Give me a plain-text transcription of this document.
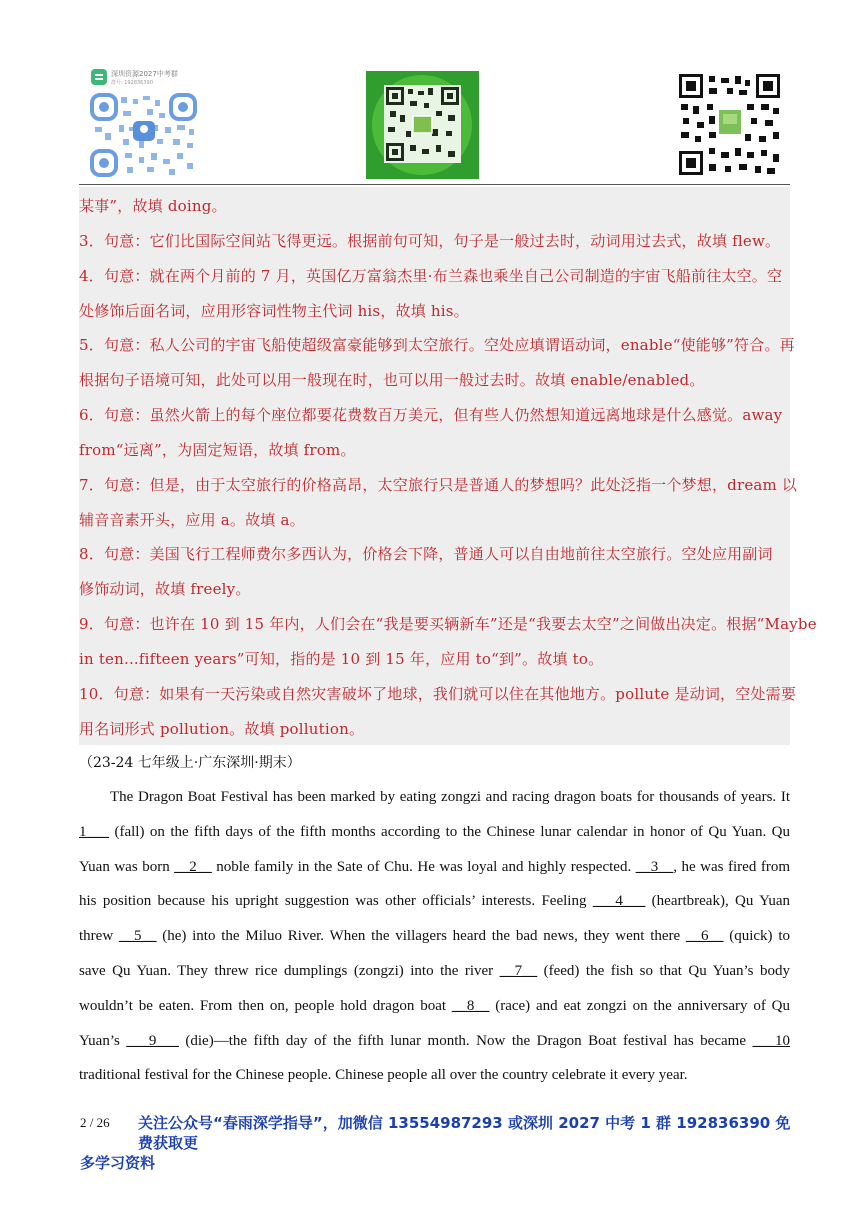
深圳资源2027中考群
群号: 192836390

某事”，故填 doing。

3．句意：它们比国际空间站飞得更远。根据前句可知，句子是一般过去时，动词用过去式，故填 flew。

4．句意：就在两个月前的 7 月，英国亿万富翁杰里·布兰森也乘坐自己公司制造的宇宙飞船前往太空。空

处修饰后面名词，应用形容词性物主代词 his，故填 his。

5．句意：私人公司的宇宙飞船使超级富豪能够到太空旅行。空处应填谓语动词，enable“使能够”符合。再

根据句子语境可知，此处可以用一般现在时，也可以用一般过去时。故填 enable/enabled。

6．句意：虽然火箭上的每个座位都要花费数百万美元，但有些人仍然想知道远离地球是什么感觉。away

from“远离”，为固定短语，故填 from。

7．句意：但是，由于太空旅行的价格高昂，太空旅行只是普通人的梦想吗？此处泛指一个梦想，dream 以

辅音音素开头，应用 a。故填 a。

8．句意：美国飞行工程师费尔多西认为，价格会下降，普通人可以自由地前往太空旅行。空处应用副词

修饰动词，故填 freely。

9．句意：也许在 10 到 15 年内，人们会在“我是要买辆新车”还是“我要去太空”之间做出决定。根据“Maybe

in ten...fifteen years”可知，指的是 10 到 15 年，应用 to“到”。故填 to。

10．句意：如果有一天污染或自然灾害破坏了地球，我们就可以住在其他地方。pollute 是动词，空处需要

用名词形式 pollution。故填 pollution。

（23-24 七年级上·广东深圳·期末）
The Dragon Boat Festival has been marked by eating zongzi and racing dragon boats for thousands of years. It
1___ (fall) on the fifth days of the fifth months according to the Chinese lunar calendar in honor of Qu Yuan. Qu
Yuan was born __2__ noble family in the Sate of Chu. He was loyal and highly respected. __3__, he was fired from
his position because his upright suggestion was other officials’ interests. Feeling ___4___ (heartbreak), Qu Yuan
threw __5__ (he) into the Miluo River. When the villagers heard the bad news, they went there __6__ (quick) to
save Qu Yuan. They threw rice dumplings (zongzi) into the river __7__ (feed) the fish so that Qu Yuan’s body
wouldn’t be eaten. From then on, people hold dragon boat __8__ (race) and eat zongzi on the anniversary of Qu
Yuan’s ___9___ (die)—the fifth day of the fifth lunar month. Now the Dragon Boat festival has became ___10
traditional festival for the Chinese people. Chinese people all over the country celebrate it every year.
2 / 26	关注公众号“春雨深学指导”，加微信 13554987293 或深圳 2027 中考 1 群 192836390 免费获取更
多学习资料
